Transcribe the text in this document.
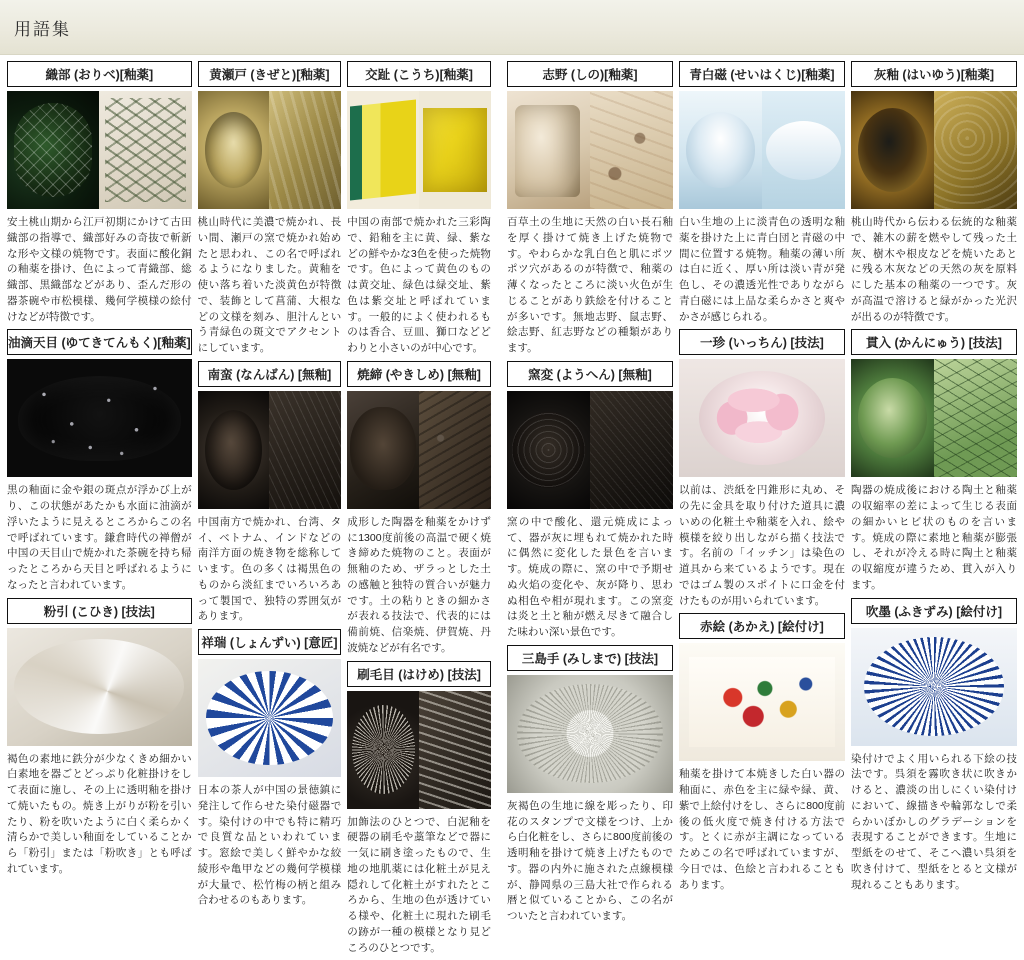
用語集
織部 (おりべ)[釉薬]
安土桃山期から江戸初期にかけて古田織部の指導で、織部好みの奇抜で斬新な形や文様の焼物です。表面に酸化銅の釉薬を掛け、色によって青織部、総織部、黒織部などがあり、歪んだ形の器茶碗や市松模様、幾何学模様の絵付けなどが特徴です。
油滴天目 (ゆてきてんもく)[釉薬]
黒の釉面に金や銀の斑点が浮かび上がり、この状態があたかも水面に油滴が浮いたように見えるところからこの名で呼ばれています。鎌倉時代の禅僧が中国の天目山で焼かれた茶碗を持ち帰ったところから天目と呼ばれるようになったと言われています。
粉引 (こひき) [技法]
褐色の素地に鉄分が少なくきめ細かい白素地を器ごとどっぷり化粧掛けをして表面に施し、その上に透明釉を掛けて焼いたもの。焼き上がりが粉を引いたり、粉を吹いたように白く柔らかく清らかで美しい釉面をしていることから「粉引」または「粉吹き」とも呼ばれています。
黄瀬戸 (きぜと)[釉薬]
桃山時代に美濃で焼かれ、長い間、瀬戸の窯で焼かれ始めたと思われ、この名で呼ばれるようになりました。黄釉を使い落ち着いた淡黄色が特徴で、装飾として菖蒲、大根などの文様を刻み、胆汁んという青緑色の斑文でアクセントにしています。
南蛮 (なんばん) [無釉]
中国南方で焼かれ、台湾、タイ、ベトナム、インドなどの南洋方面の焼き物を総称しています。色の多くは褐黒色のものから淡紅までいろいろあって製国で、独特の雰囲気があります。
祥瑞 (しょんずい) [意匠]
日本の茶人が中国の景徳鎮に発注して作らせた染付磁器です。染付けの中でも特に精巧で良質な品といわれています。窓絵で美しく鮮やかな絞綾形や亀甲などの幾何学模様が大量で、松竹梅の柄と組み合わせるのもあります。
交趾 (こうち)[釉薬]
中国の南部で焼かれた三彩陶で、鉛釉を主に黄、緑、紫などの鮮やかな3色を使った焼物です。色によって黄色のものは黄交址、緑色は緑交址、紫色は紫交址と呼ばれています。一般的によく使われるものは香合、豆皿、獅口などどわりと小さいのが中心です。
焼締 (やきしめ) [無釉]
成形した陶器を釉薬をかけずに1300度前後の高温で硬く焼き締めた焼物のこと。表面が無釉のため、ザラっとした土の感触と独特の質合いが魅力です。土の粘りときの細かさが表れる技法で、代表的には備前焼、信楽焼、伊賀焼、丹波焼などが有名です。
刷毛目 (はけめ) [技法]
加飾法のひとつで、白泥釉を硬器の刷毛や藁筆などで器に一気に刷き塗ったもので、生地の地肌薬には化粧土が見え隠れして化粧土がすれたところから、生地の色が透けている様や、化粧土に現れた刷毛の跡が一種の模様となり見どころのひとつです。
志野 (しの)[釉薬]
百草土の生地に天然の白い長石釉を厚く掛けて焼き上げた焼物です。やわらかな乳白色と肌にポツポツ穴があるのが特徴で、釉薬の薄くなったところに淡い火色が生じることがあり鉄絵を付けることが多いです。無地志野、鼠志野、絵志野、紅志野などの種類があります。
窯変 (ようへん) [無釉]
窯の中で酸化、還元焼成によって、器が灰に埋もれて焼かれた時に偶然に変化した景色を言います。焼成の際に、窯の中で予期せぬ火焰の変化や、灰が降り、思わぬ相色や相が現れます。この窯変は炎と土と釉が燃え尽きて融合した味わい深い景色です。
三島手 (みしまで) [技法]
灰褐色の生地に線を彫ったり、印花のスタンプで文様をつけ、上から白化粧をし、さらに800度前後の透明釉を掛けて焼き上げたものです。器の内外に施された点線模様が、静岡県の三島大社で作られる暦と似ていることから、この名がついたと言われています。
青白磁 (せいはくじ)[釉薬]
白い生地の上に淡青色の透明な釉薬を掛けた上に青白団と青磁の中間に位置する焼物。釉薬の薄い所は白に近く、厚い所は淡い青が発色し、その濃透光性でありながら青白磁には上品な柔らかさと爽やかさが感じられる。
一珍 (いっちん) [技法]
以前は、渋紙を円錐形に丸め、その先に金具を取り付けた道具に濃いめの化粧土や釉薬を入れ、絵や模様を絞り出しながら描く技法です。名前の「イッチン」は染色の道具から来ているようです。現在ではゴム製のスポイトに口金を付けたものが用いられています。
赤絵 (あかえ) [絵付け]
釉薬を掛けて本焼きした白い器の釉面に、赤色を主に緑や緑、黄、紫で上絵付けをし、さらに800度前後の低火度で焼き付ける方法です。とくに赤が主調になっているためこの名で呼ばれていますが、今日では、色絵と言われることもあります。
灰釉 (はいゆう)[釉薬]
桃山時代から伝わる伝統的な釉薬で、雑木の薪を燃やして残った土灰、樹木や根皮などを焼いたあとに残る木灰などの天然の灰を原料にした基本の釉薬の一つです。灰が高温で溶けると緑がかった光沢が出るのが特徴です。
貫入 (かんにゅう) [技法]
陶器の焼成後における陶土と釉薬の収縮率の差によって生じる表面の細かいヒビ状のものを言います。焼成の際に素地と釉薬が膨張し、それが冷える時に陶土と釉薬の収縮度が違うため、貫入が入ります。
吹墨 (ふきずみ) [絵付け]
染付けでよく用いられる下絵の技法です。呉須を霧吹き状に吹きかけると、濃淡の出しにくい染付けにおいて、線描きや輪郭なしで柔らかいぼかしのグラデーションを表現することができます。生地に型紙をのせて、そこへ濃い呉須を吹き付けて、型紙をとると文様が現れることもあります。
